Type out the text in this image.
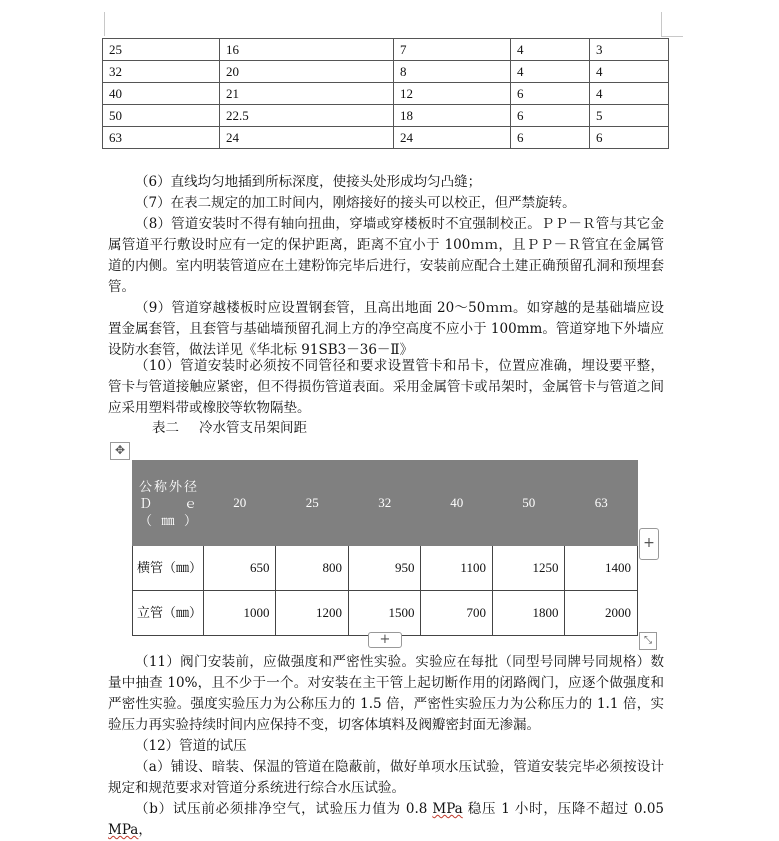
25	16	7	4	3
32	20	8	4	4
40	21	12	6	4
50	22.5	18	6	5
63	24	24	6	6

（6）直线均匀地插到所标深度，使接头处形成均匀凸缝；

（7）在表二规定的加工时间内，刚熔接好的接头可以校正，但严禁旋转。

（8）管道安装时不得有轴向扭曲，穿墙或穿楼板时不宜强制校正。ＰＰ－Ｒ管与其它金属管道平行敷设时应有一定的保护距离，距离不宜小于 100ｍｍ，且ＰＰ－Ｒ管宜在金属管道的内侧。室内明装管道应在土建粉饰完毕后进行，安装前应配合土建正确预留孔洞和预埋套管。

（9）管道穿越楼板时应设置钢套管，且高出地面 20～50ｍｍ。如穿越的是基础墙应设置金属套管，且套管与基础墙预留孔洞上方的净空高度不应小于 100mm。管道穿地下外墙应设防水套管，做法详见《华北标 91SB3－36－Ⅱ》

（10）管道安装时必须按不同管径和要求设置管卡和吊卡，位置应准确，埋设要平整，管卡与管道接触应紧密，但不得损伤管道表面。采用金属管卡或吊架时，金属管卡与管道之间应采用塑料带或橡胶等软物隔垫。

表二 冷水管支吊架间距

✥
公称外径Ｄｅ（㎜）	20	25	32	40	50	63
横管（㎜）	650	800	950	1100	1250	1400
立管（㎜）	1000	1200	1500	700	1800	2000
+
+	⤡

（11）阀门安装前，应做强度和严密性实验。实验应在每批（同型号同牌号同规格）数量中抽查 10%，且不少于一个。对安装在主干管上起切断作用的闭路阀门，应逐个做强度和严密性实验。强度实验压力为公称压力的 1.5 倍，严密性实验压力为公称压力的 1.1 倍，实验压力再实验持续时间内应保持不变，切客体填料及阀瓣密封面无渗漏。

（12）管道的试压

（a）铺设、暗装、保温的管道在隐蔽前，做好单项水压试验，管道安装完毕必须按设计规定和规范要求对管道分系统进行综合水压试验。

（b）试压前必须排净空气，试验压力值为 0.8 MPa 稳压 1 小时，压降不超过 0.05 MPa，
